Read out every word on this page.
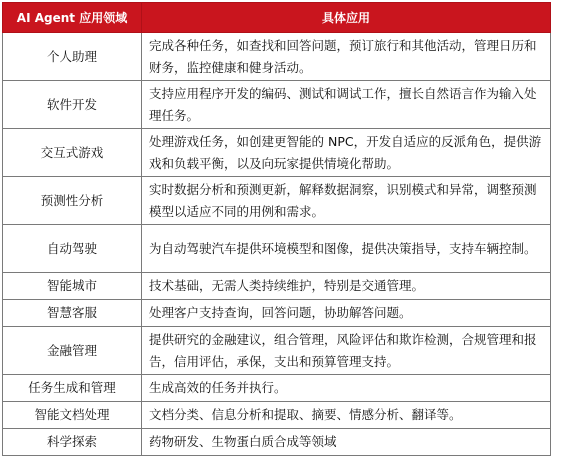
AI Agent 应用领域	具体应用
个人助理	完成各种任务，如查找和回答问题，预订旅行和其他活动，管理日历和财务，监控健康和健身活动。
软件开发	支持应用程序开发的编码、测试和调试工作，擅长自然语言作为输入处理任务。
交互式游戏	处理游戏任务，如创建更智能的 NPC，开发自适应的反派角色，提供游戏和负载平衡，以及向玩家提供情境化帮助。
预测性分析	实时数据分析和预测更新，解释数据洞察，识别模式和异常，调整预测模型以适应不同的用例和需求。
自动驾驶	为自动驾驶汽车提供环境模型和图像，提供决策指导，支持车辆控制。
智能城市	技术基础，无需人类持续维护，特别是交通管理。
智慧客服	处理客户支持查询，回答问题，协助解答问题。
金融管理	提供研究的金融建议，组合管理，风险评估和欺诈检测，合规管理和报告，信用评估，承保，支出和预算管理支持。
任务生成和管理	生成高效的任务并执行。
智能文档处理	文档分类、信息分析和提取、摘要、情感分析、翻译等。
科学探索	药物研发、生物蛋白质合成等领域
